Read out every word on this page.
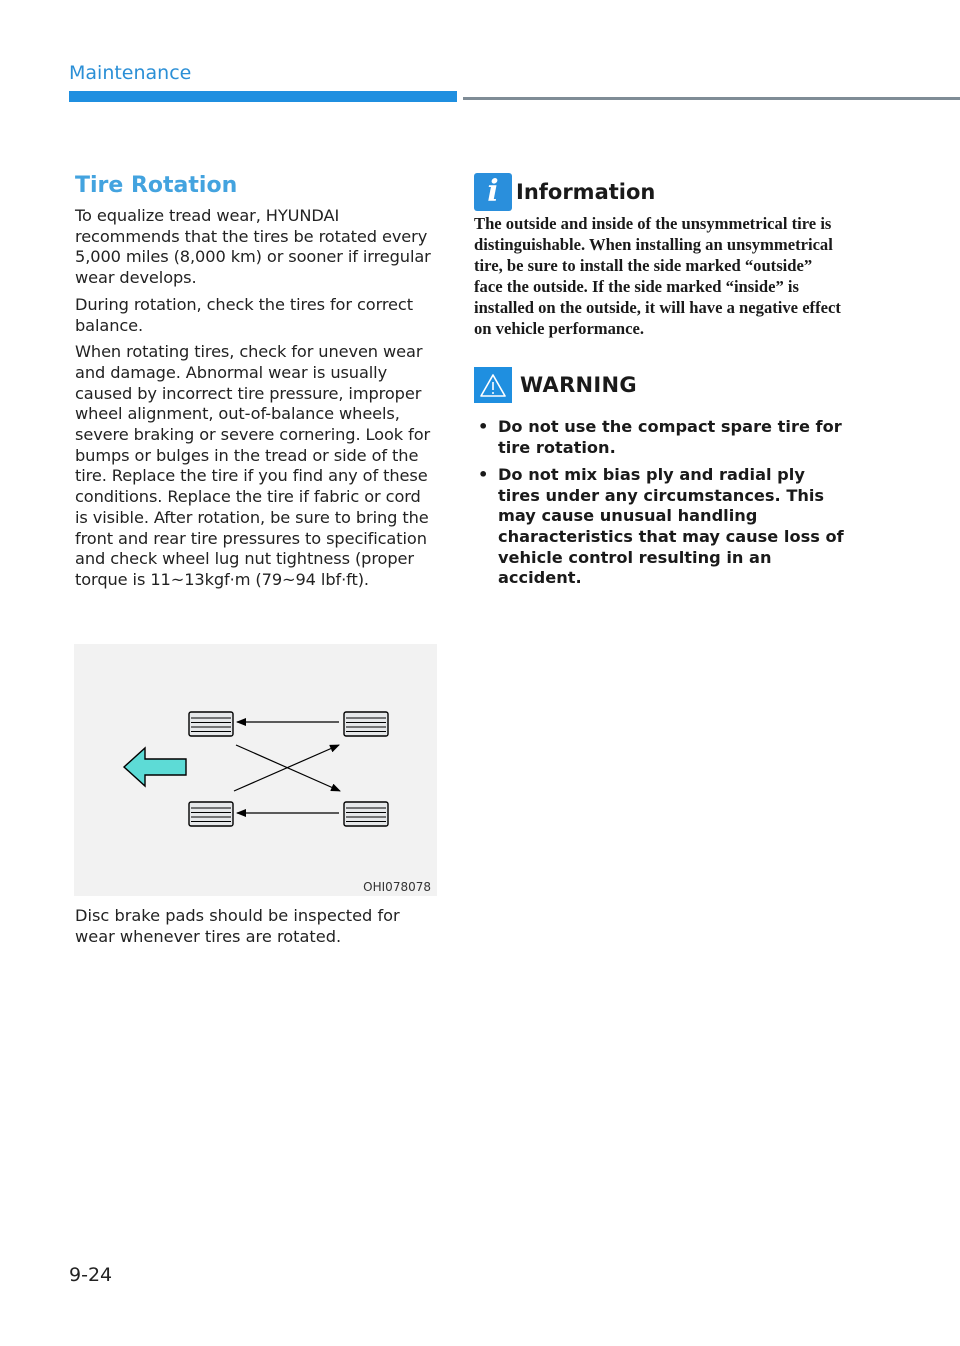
Maintenance
Tire Rotation

To equalize tread wear, HYUNDAI recommends that the tires be rotated every 5,000 miles (8,000 km) or sooner if irregular wear develops.

During rotation, check the tires for correct balance.

When rotating tires, check for uneven wear and damage. Abnormal wear is usually caused by incorrect tire pressure, improper wheel alignment, out-of-balance wheels, severe braking or severe cornering. Look for bumps or bulges in the tread or side of the tire. Replace the tire if you find any of these conditions. Replace the tire if fabric or cord is visible. After rotation, be sure to bring the front and rear tire pressures to specification and check wheel lug nut tightness (proper torque is 11~13kgf·m (79~94 lbf·ft).

OHI078078

Disc brake pads should be inspected for wear whenever tires are rotated.

i Information

The outside and inside of the unsymmetrical tire is distinguishable. When installing an unsymmetrical tire, be sure to install the side marked “outside” face the outside. If the side marked “inside” is installed on the outside, it will have a negative effect on vehicle performance.

WARNING
• Do not use the compact spare tire for tire rotation.
• Do not mix bias ply and radial ply tires under any circumstances. This may cause unusual handling characteristics that may cause loss of vehicle control resulting in an accident.
9-24
